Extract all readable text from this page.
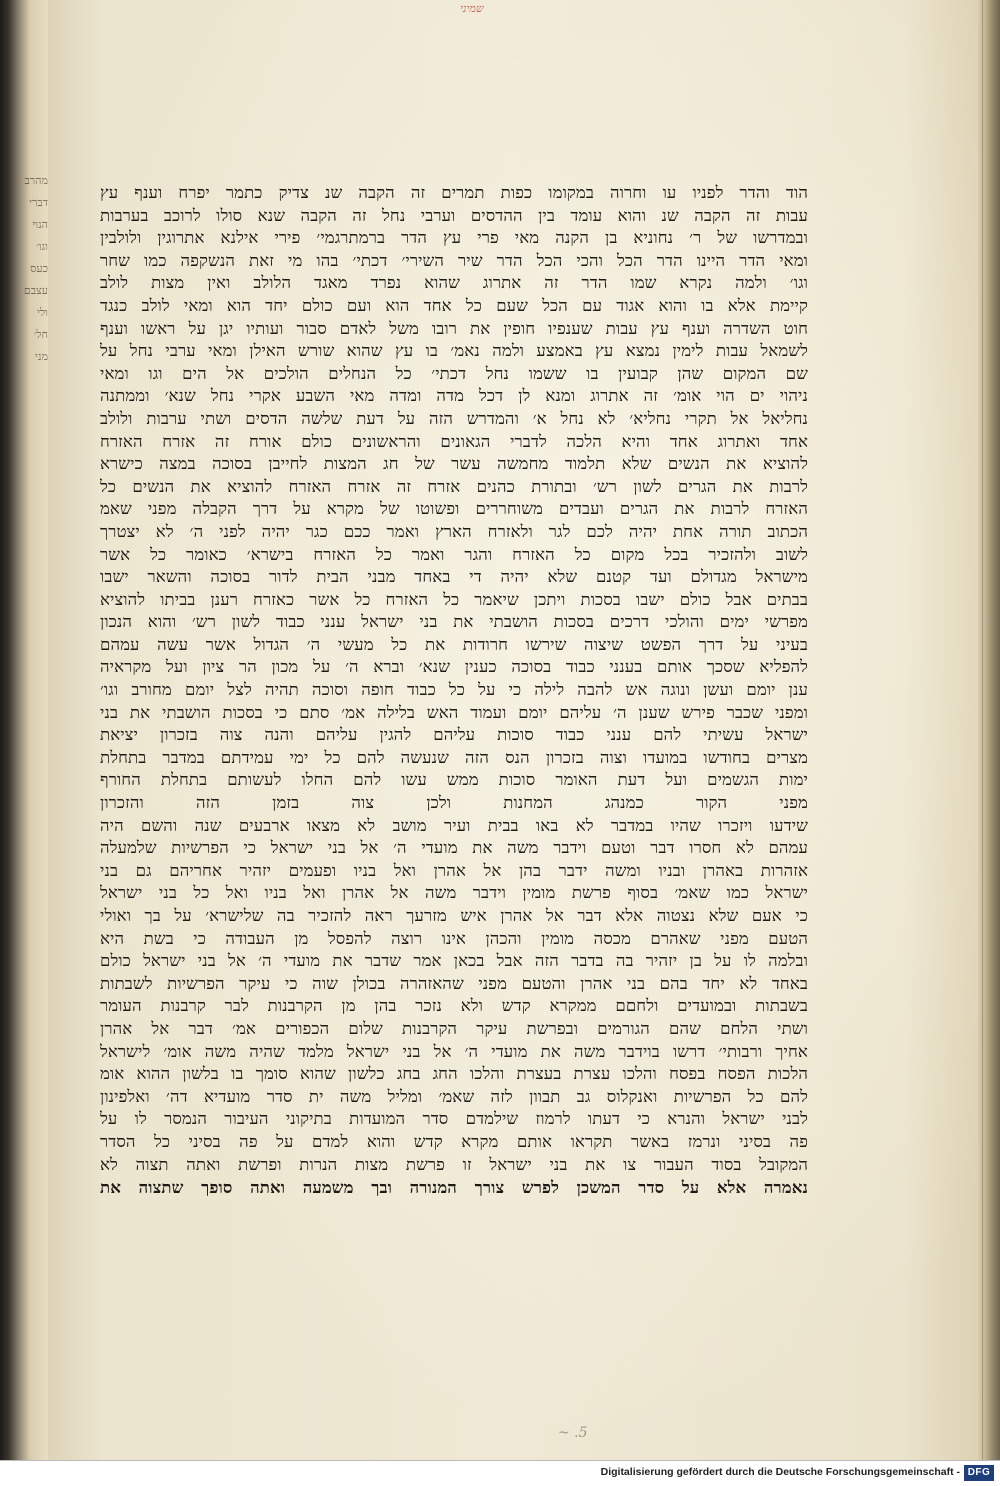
מהרב
דברי
הנוי
וגו׳
כעס
עצבם
ולי
חל׳
מני
שמיני
הוד והדר לפניו עו וחרוה במקומו כפות תמרים זה הקבה שנ צדיק כתמר יפרח וענף עץ
עבות זה הקבה שנ והוא עומד בין ההדסים וערבי נחל זה הקבה שנא סולו לרוכב בערבות
ובמדרשו של ר׳ נחוניא בן הקנה מאי פרי עץ הדר ברמתרגמי׳ פירי אילנא אתרוגין ולולבין
ומאי הדר היינו הדר הכל והכי הכל הדר שיר השירי׳ דכתי׳ בהו מי זאת הנשקפה כמו שחר
וגו׳ ולמה נקרא שמו הדר זה אתרוג שהוא נפרד מאגד הלולב ואין מצות לולב
קיימת אלא בו והוא אגוד עם הכל שעם כל אחד הוא ועם כולם יחד הוא ומאי לולב כנגד
חוט השדרה וענף עץ עבות שענפיו חופין את רובו משל לאדם סבור ועותיו יגן על ראשו וענף
לשמאל עבות לימין נמצא עץ באמצע ולמה נאמ׳ בו עץ שהוא שורש האילן ומאי ערבי נחל על
שם המקום שהן קבועין בו ששמו נחל דכתי׳ כל הנחלים הולכים אל הים וגו ומאי
ניהוי ים הוי אומ׳ זה אתרוג ומנא לן דכל מדה ומדה מאי השבע אקרי נחל שנא׳ וממתנה
נחליאל אל תקרי נחליא׳ לא נחל א׳ והמדרש הזה על דעת שלשה הדסים ושתי ערבות ולולב
אחד ואתרוג אחד והיא הלכה לדברי הגאונים והראשונים כולם אורח זה אזרח האזרח
להוציא את הנשים שלא תלמוד מחמשה עשר של חג המצות לחייבן בסוכה במצה כישרא
לרבות את הגרים לשון רש׳ ובתורת כהנים אזרח זה אזרח האזרח להוציא את הנשים כל
האזרח לרבות את הגרים ועבדים משוחררים ופשוטו של מקרא על דרך הקבלה מפני שאמ
הכתוב תורה אחת יהיה לכם לגר ולאזרח הארץ ואמר ככם כגר יהיה לפני ה׳ לא יצטרך
לשוב ולהזכיר בכל מקום כל האזרח והגר ואמר כל האזרח בישרא׳ כאומר כל אשר
מישראל מגדולם ועד קטנם שלא יהיה די באחד מבני הבית לדור בסוכה והשאר ישבו
בבתים אבל כולם ישבו בסכות ויתכן שיאמר כל האזרח כל אשר כאזרח רענן בביתו להוציא
מפרשי ימים והולכי דרכים בסכות הושבתי את בני ישראל ענני כבוד לשון רש׳ והוא הנכון
בעיני על דרך הפשט שיצוה שירשו חרודות את כל מעשי ה׳ הגדול אשר עשה עמהם
להפליא שסכך אותם בענני כבוד בסוכה כענין שנא׳ וברא ה׳ על מכון הר ציון ועל מקראיה
ענן יומם ועשן ונוגה אש להבה לילה כי על כל כבוד חופה וסוכה תהיה לצל יומם מחורב וגו׳
ומפני שכבר פירש שענן ה׳ עליהם יומם ועמוד האש בלילה אמ׳ סתם כי בסכות הושבתי את בני
ישראל עשיתי להם ענני כבוד סוכות עליהם להגין עליהם והנה צוה בזכרון יציאת
מצרים בחודשו במועדו וצוה בזכרון הנס הזה שנעשה להם כל ימי עמידתם במדבר בתחלת
ימות הגשמים ועל דעת האומר סוכות ממש עשו להם החלו לעשותם בתחלת החורף
מפני הקור כמנהג המחנות ולכן צוה בזמן הזה והזכרון
שידעו ויזכרו שהיו במדבר לא באו בבית ועיר מושב לא מצאו ארבעים שנה והשם היה
עמהם לא חסרו דבר וטעם וידבר משה את מועדי ה׳ אל בני ישראל כי הפרשיות שלמעלה
אזהרות באהרן ובניו ומשה ידבר בהן אל אהרן ואל בניו ופעמים יזהיר אחריהם גם בני
ישראל כמו שאמ׳ בסוף פרשת מומין וידבר משה אל אהרן ואל בניו ואל כל בני ישראל
כי אעם שלא נצטוה אלא דבר אל אהרן איש מזרעך ראה להזכיר בה שלישרא׳ על בך ואולי
הטעם מפני שאהרם מכסה מומין והכהן אינו רוצה להפסל מן העבודה כי בשת היא
ובלמה לו על בן יזהיר בה בדבר הזה אבל בכאן אמר שדבר את מועדי ה׳ אל בני ישראל כולם
באחד לא יחד בהם בני אהרן והטעם מפני שהאזהרה בכולן שוה כי עיקר הפרשיות לשבתות
בשבתות ובמועדים ולחםם ממקרא קדש ולא נזכר בהן מן הקרבנות לבר קרבנות העומר
ושתי הלחם שהם הגורמים ובפרשת עיקר הקרבנות שלום הכפורים אמ׳ דבר אל אהרן
אחיך ורבותי׳ דרשו בוידבר משה את מועדי ה׳ אל בני ישראל מלמד שהיה משה אומ׳ לישראל
הלכות הפסח בפסח והלכו עצרת בעצרת והלכו החג בחג כלשון שהוא סומך בו בלשון ההוא אומ
להם כל הפרשיות ואנקלוס גב תבוון לזה שאמ׳ ומליל משה ית סדר מועדיא דה׳ ואלפינון
לבני ישראל והנרא כי דעתו לרמוז שילמדם סדר המועדות בתיקוני העיבור הנמסר לו על
פה בסיני ונרמז באשר תקראו אותם מקרא קדש והוא למדם על פה בסיני כל הסדר
המקובל בסוד העבור צו את בני ישראל זו פרשת מצות הנרות ופרשת ואתה תצוה לא
נאמרה אלא על סדר המשכן לפרש צורך המנורה ובך משמעה ואתה סופך שתצוה את
~ .5
Digitalisierung gefördert durch die Deutsche Forschungsgemeinschaft - DFG
